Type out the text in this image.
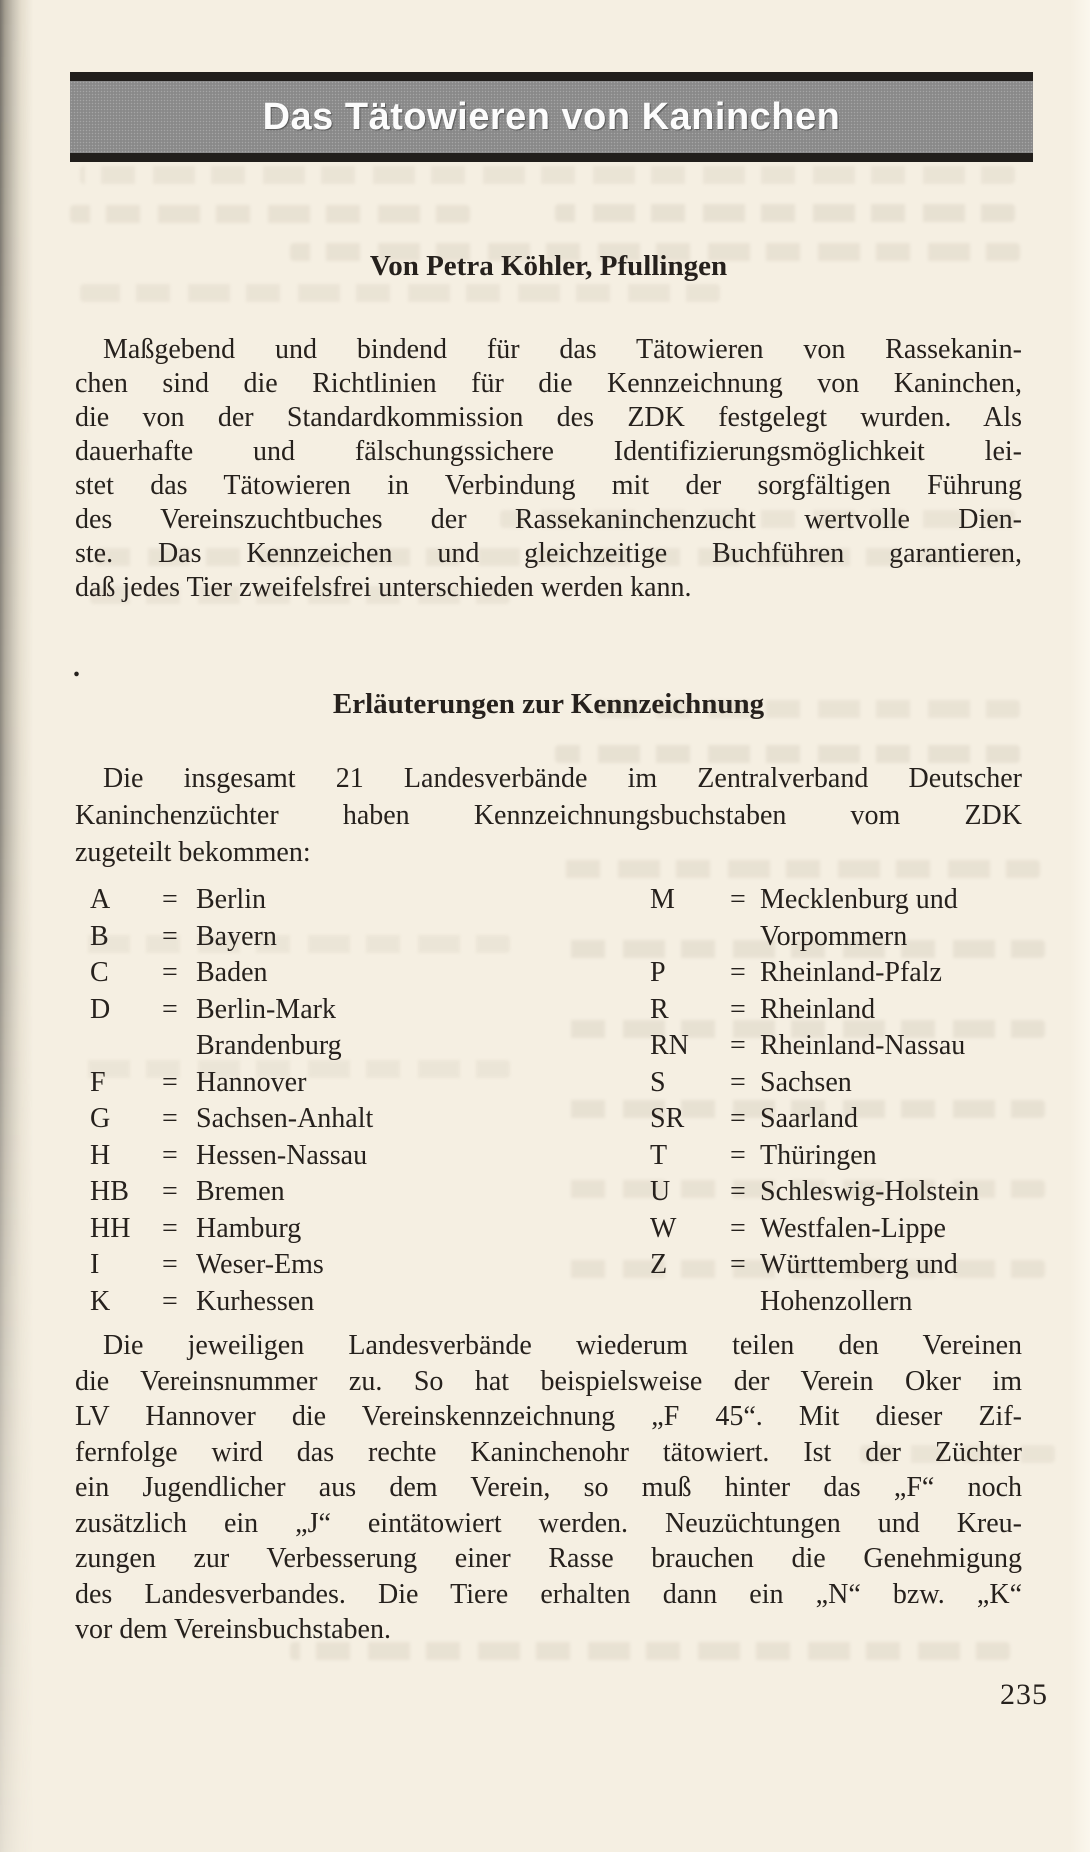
Das Tätowieren von Kaninchen
Von Petra Köhler, Pfullingen
Maßgebend und bindend für das Tätowieren von Rassekanin-
chen sind die Richtlinien für die Kennzeichnung von Kaninchen,
die von der Standardkommission des ZDK festgelegt wurden. Als
dauerhafte und fälschungssichere Identifizierungsmöglichkeit lei-
stet das Tätowieren in Verbindung mit der sorgfältigen Führung
des Vereinszuchtbuches der Rassekaninchenzucht wertvolle Dien-
ste. Das Kennzeichen und gleichzeitige Buchführen garantieren,
daß jedes Tier zweifelsfrei unterschieden werden kann.
.
Erläuterungen zur Kennzeichnung
Die insgesamt 21 Landesverbände im Zentralverband Deutscher
Kaninchenzüchter haben Kennzeichnungsbuchstaben vom ZDK
zugeteilt bekommen:
A	= Berlin
B	= Bayern
C	= Baden
D	= Berlin-Mark
Brandenburg
F	= Hannover
G	= Sachsen-Anhalt
H	= Hessen-Nassau
HB	= Bremen
HH	= Hamburg
I	= Weser-Ems
K	= Kurhessen
M	= Mecklenburg und
Vorpommern
P	= Rheinland-Pfalz
R	= Rheinland
RN	= Rheinland-Nassau
S	= Sachsen
SR	= Saarland
T	= Thüringen
U	= Schleswig-Holstein
W	= Westfalen-Lippe
Z	= Württemberg und
Hohenzollern
Die jeweiligen Landesverbände wiederum teilen den Vereinen
die Vereinsnummer zu. So hat beispielsweise der Verein Oker im
LV Hannover die Vereinskennzeichnung „F 45“. Mit dieser Zif-
fernfolge wird das rechte Kaninchenohr tätowiert. Ist der Züchter
ein Jugendlicher aus dem Verein, so muß hinter das „F“ noch
zusätzlich ein „J“ eintätowiert werden. Neuzüchtungen und Kreu-
zungen zur Verbesserung einer Rasse brauchen die Genehmigung
des Landesverbandes. Die Tiere erhalten dann ein „N“ bzw. „K“
vor dem Vereinsbuchstaben.
235
